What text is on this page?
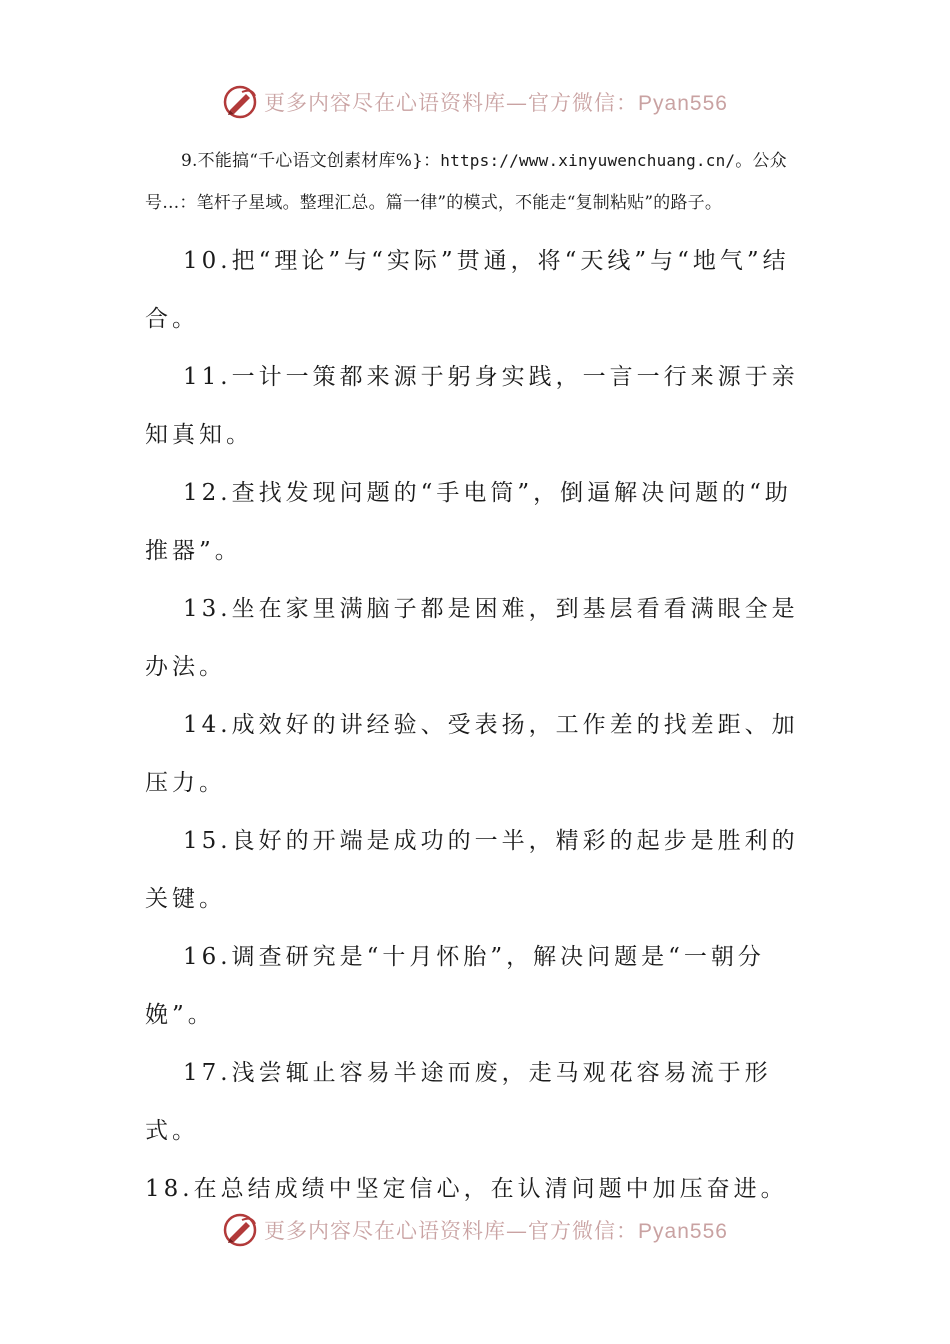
更多内容尽在心语资料库—官方微信：Pyan556

9.不能搞“千心语文创素材库%}：https://www.xinyuwenchuang.cn/。公众号…：笔杆子星域。整理汇总。篇一律”的模式，不能走“复制粘贴”的路子。

10.把“理论”与“实际”贯通，将“天线”与“地气”结合。

11.一计一策都来源于躬身实践，一言一行来源于亲知真知。

12.查找发现问题的“手电筒”，倒逼解决问题的“助推器”。

13.坐在家里满脑子都是困难，到基层看看满眼全是办法。

14.成效好的讲经验、受表扬，工作差的找差距、加压力。

15.良好的开端是成功的一半，精彩的起步是胜利的关键。

16.调查研究是“十月怀胎”，解决问题是“一朝分娩”。

17.浅尝辄止容易半途而废，走马观花容易流于形式。

18.在总结成绩中坚定信心，在认清问题中加压奋进。

更多内容尽在心语资料库—官方微信：Pyan556
